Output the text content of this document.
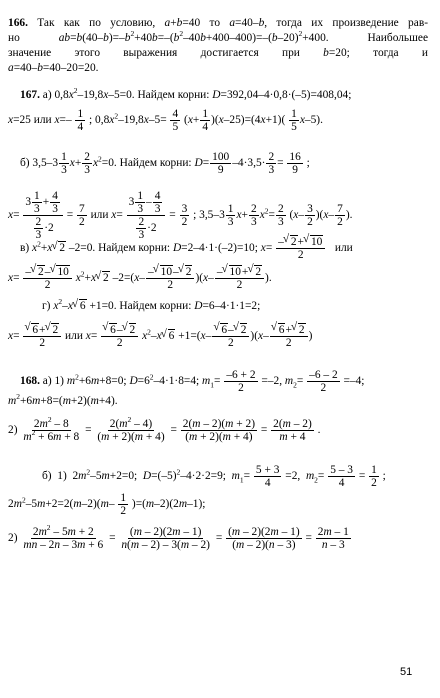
166. Так как по условию, a+b=40 то a=40–b, тогда их произведение рав-
но $ab=b(40-b)=-b^2+40b=-(b^2-40b+400-400)=-(b-20)^2+400$. Наибольшее
значение этого выражения достигается при b=20; тогда и
a=40–b=40–20=20.
167. а) $0,8x^2-19,8x-5=0$. Найдем корни: D=392,04–4·0,8·(–5)=408,04;
x=25 или $x=- \frac{1}{4}$ ; $0,8x^2-19,8x-5= \frac{4}{5} (x+ \frac{1}{4} )(x-25)=(4x+1)( \frac{1}{5} x-5)$.
б) $3,5-3 \frac{1}{3} x+ \frac{2}{3} x^2=0$. Найдем корни: $D= \frac{100}{9} -4\cdot 3,5\cdot \frac{2}{3} = \frac{16}{9}$ ;
$x= \frac{3 \frac{1}{3} + \frac{4}{3}}{\frac{2}{3} \cdot 2} = \frac{7}{2}$ или $x= \frac{3 \frac{1}{3} - \frac{4}{3}}{\frac{2}{3} \cdot 2} = \frac{3}{2}$ ; $3,5-3 \frac{1}{3} x+ \frac{2}{3} x^2= \frac{2}{3} (x- \frac{3}{2} )(x- \frac{7}{2}$ ).
в) $x^2+x√$ 2 –2=0. Найдем корни: D=2–4·1·(–2)=10; $x= \frac{-√ 2+√ 10}{2}$ или
$x= \frac{-√ 2-√ 10}{2} x^2+x√$ 2 $-2=(x- \frac{-√ 10-√ 2}{2} )(x- \frac{-√ 10+√ 2}{2}$ ).
г) $x^2-x√$ 6 +1=0. Найдем корни: D=6–4·1·1=2;
x=
√ $\frac{6+√ 2}{2}$ или x=
√ $\frac{6-√ 2}{2} x^2-x√$ 6 +1=(x–
√ $\frac{6-√ 2}{2} )(x-$
√ $\frac{6+√ 2}{2}$ )
168. а) 1) $m^2+6m+8=0$; $D=6^2-4\cdot 1\cdot 8=4$; $m_1= \frac{-6 + 2}{2} =-2$, $m_2= \frac{-6 - 2}{2} =-4$;
$m^2+6m+8=(m+2)(m+4)$.
$2) \frac{2m^2 - 8}{m^2 + 6m + 8} = \frac{2(m^2 - 4)}{(m + 2)(m + 4)} = \frac{2(m - 2)(m + 2)}{(m + 2)(m + 4)} = \frac{2(m - 2)}{m + 4}$ .
б)  1)  $2m^2-5m+2=0$;  $D=(-5)^2-4\cdot 2\cdot 2=9$;  $m_1= \frac{5 + 3}{4} =2$,  $m_2= \frac{5 - 3}{4} = \frac{1}{2}$ ;
$2m^2-5m+2=2(m-2)(m- \frac{1}{2} )=(m-2)(2m-1)$;
$2) \frac{2m^2 - 5m + 2}{mn - 2n - 3m + 6} = \frac{(m - 2)(2m - 1)}{n(m - 2) - 3(m - 2)} = \frac{(m - 2)(2m - 1)}{(m - 2)(n - 3)} = \frac{2m - 1}{n - 3}$
51
